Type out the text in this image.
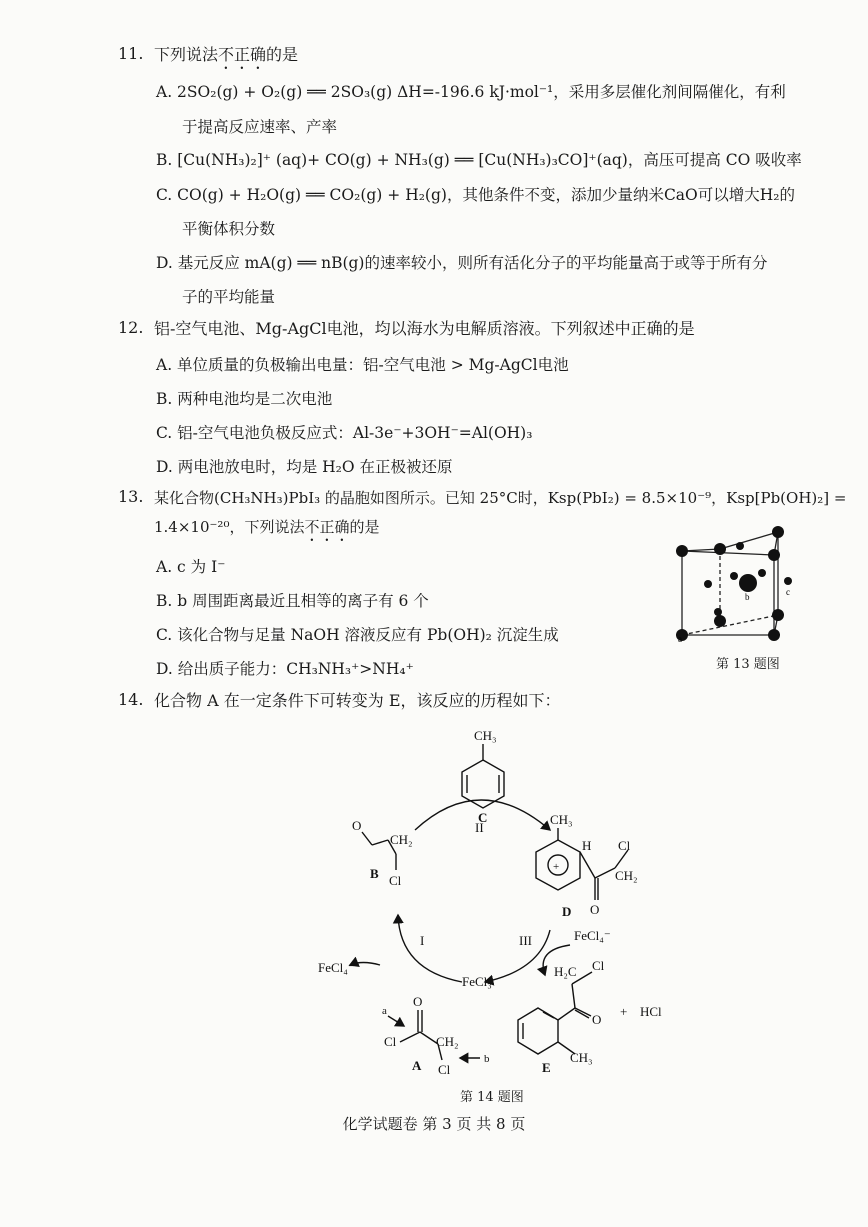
11. 下列说法不正确的是
A. 2SO₂(g) + O₂(g) ══ 2SO₃(g) ΔH=-196.6 kJ·mol⁻¹，采用多层催化剂间隔催化，有利
于提高反应速率、产率
B. [Cu(NH₃)₂]⁺ (aq)+ CO(g) + NH₃(g) ══ [Cu(NH₃)₃CO]⁺(aq)，高压可提高 CO 吸收率
C. CO(g) + H₂O(g) ══ CO₂(g) + H₂(g)，其他条件不变，添加少量纳米CaO可以增大H₂的
平衡体积分数
D. 基元反应 mA(g) ══ nB(g)的速率较小，则所有活化分子的平均能量高于或等于所有分
子的平均能量
12. 铝-空气电池、Mg-AgCl电池，均以海水为电解质溶液。下列叙述中正确的是
A. 单位质量的负极输出电量：铝-空气电池 > Mg-AgCl电池
B. 两种电池均是二次电池
C. 铝-空气电池负极反应式：Al-3e⁻+3OH⁻=Al(OH)₃
D. 两电池放电时，均是 H₂O 在正极被还原
13. 某化合物(CH₃NH₃)PbI₃ 的晶胞如图所示。已知 25°C时，Ksp(PbI₂) = 8.5×10⁻⁹，Ksp[Pb(OH)₂] =
1.4×10⁻²⁰，下列说法不正确的是
A. c 为 I⁻
B. b 周围距离最近且相等的离子有 6 个
C. 该化合物与足量 NaOH 溶液反应有 Pb(OH)₂ 沉淀生成
D. 给出质子能力：CH₃NH₃⁺>NH₄⁺
a
b	c
第 13 题图
14. 化合物 A 在一定条件下可转变为 E，该反应的历程如下：
CH₃
C
II
O
B
CH₂
Cl
CH₃
H Cl
CH₂
O
+
D
III	FeCl₄⁻
I
FeCl₄⁻
FeCl₃
O
a
Cl	CH₂
Cl
b
A
H₂C Cl
O
CH₃
E
+ HCl
第 14 题图
化学试题卷 第 3 页 共 8 页
